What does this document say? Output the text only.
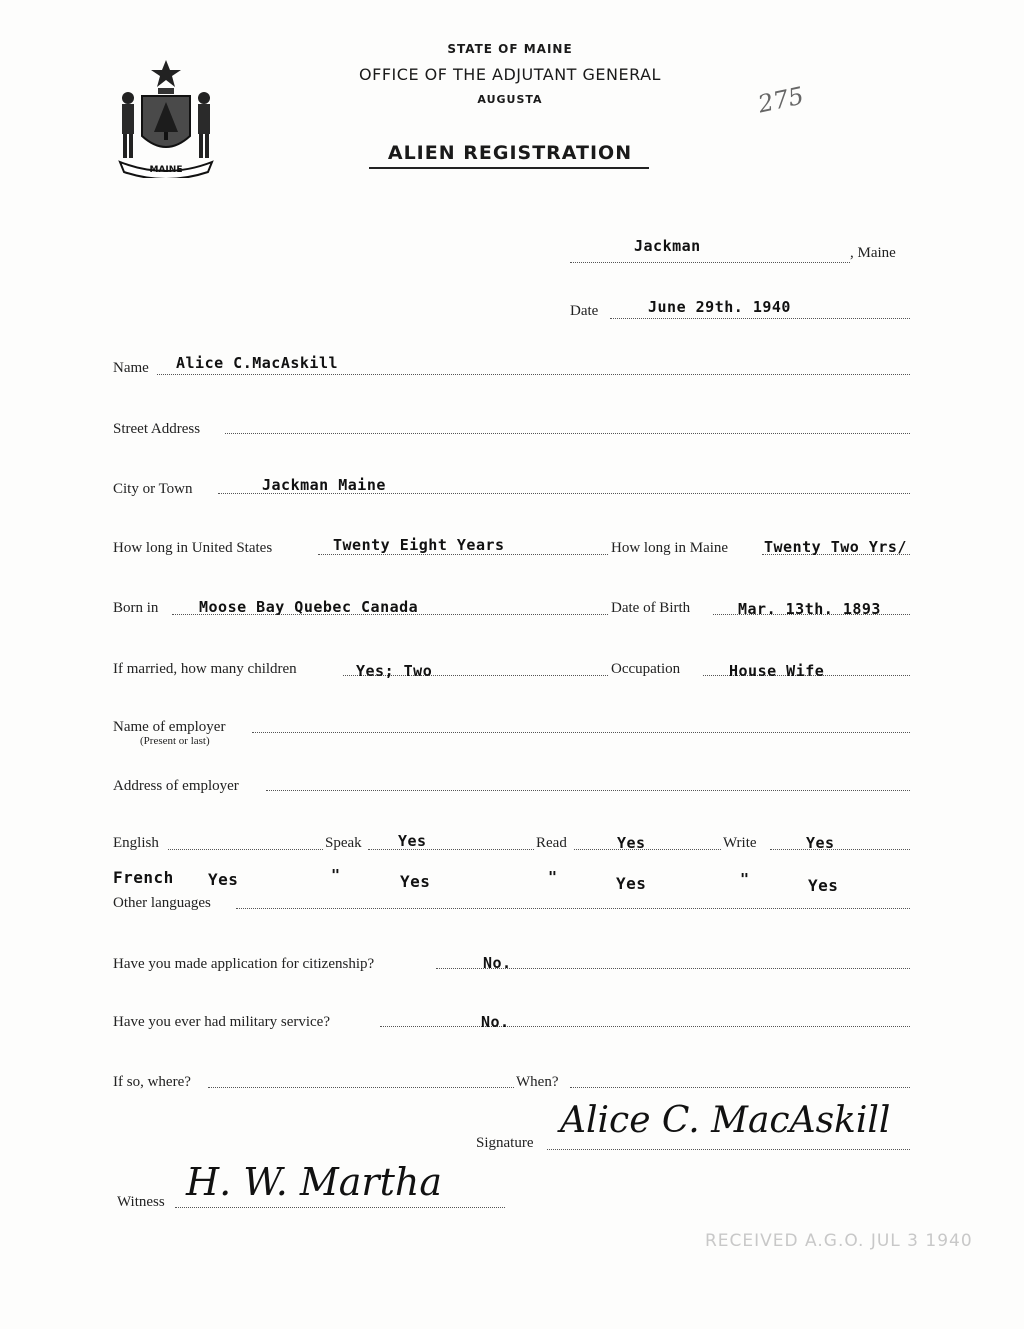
MAINE
STATE OF MAINE
OFFICE OF THE ADJUTANT GENERAL
AUGUSTA
ALIEN REGISTRATION
275
Jackman	, Maine
Date	June 29th. 1940
Name Alice C.MacAskill
Street Address
City or Town	Jackman Maine
How long in United States	Twenty Eight Years	How long in Maine Twenty Two Yrs/
Born in	Moose Bay Quebec Canada	Date of Birth	Mar. 13th. 1893
If married, how many children	Yes; Two	Occupation	House Wife
Name of employer
(Present or last)
Address of employer
English	Speak Yes	Read	Yes	Write	Yes
French Yes	"	Yes	"	Yes	"	Yes
Other languages
Have you made application for citizenship?	No.
Have you ever had military service?	No.
If so, where?	When?
Signature
Alice C. MacAskill
Witness H. W. Martha
RECEIVED A.G.O. JUL 3 1940
